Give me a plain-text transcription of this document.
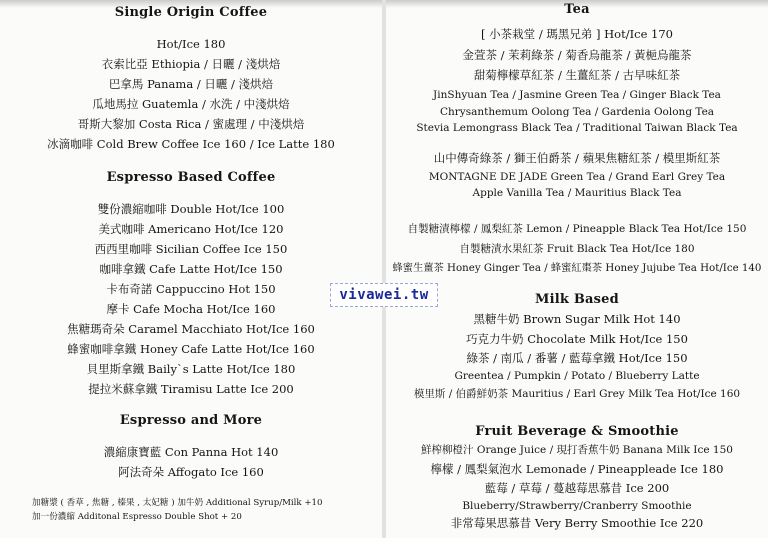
Single Origin Coffee
Hot/Ice 180
衣索比亞 Ethiopia / 日曬 / 淺烘焙
巴拿馬 Panama / 日曬 / 淺烘焙
瓜地馬拉 Guatemla / 水洗 / 中淺烘焙
哥斯大黎加 Costa Rica / 蜜處理 / 中淺烘焙
冰滴咖啡 Cold Brew Coffee Ice 160 / Ice Latte 180
Espresso Based Coffee
雙份濃縮咖啡 Double Hot/Ice 100
美式咖啡 Americano Hot/Ice 120
西西里咖啡 Sicilian Coffee Ice 150
咖啡拿鐵 Cafe Latte Hot/Ice 150
卡布奇諾 Cappuccino Hot 150
摩卡 Cafe Mocha Hot/Ice 160
焦糖瑪奇朵 Caramel Macchiato Hot/Ice 160
蜂蜜咖啡拿鐵 Honey Cafe Latte Hot/Ice 160
貝里斯拿鐵 Baily`s Latte Hot/Ice 180
提拉米蘇拿鐵 Tiramisu Latte Ice 200
Espresso and More
濃縮康寶藍 Con Panna Hot 140
阿法奇朵 Affogato Ice 160
加糖漿 ( 香草 , 焦糖 , 榛果 , 太妃糖 ) 加牛奶 Additional Syrup/Milk +10
加一份濃縮 Additonal Espresso Double Shot + 20
Tea
[ 小茶栽堂 / 瑪黑兄弟 ] Hot/Ice 170
金萱茶 / 茉莉綠茶 / 菊香烏龍茶 / 黃梔烏龍茶
甜菊檸檬草紅茶 / 生薑紅茶 / 古早味紅茶
JinShyuan Tea / Jasmine Green Tea / Ginger Black Tea
Chrysanthemum Oolong Tea / Gardenia Oolong Tea
Stevia Lemongrass Black Tea / Traditional Taiwan Black Tea
山中傳奇綠茶 / 獅王伯爵茶 / 蘋果焦糖紅茶 / 模里斯紅茶
MONTAGNE DE JADE Green Tea / Grand Earl Grey Tea
Apple Vanilla Tea / Mauritius Black Tea
自製糖漬檸檬 / 鳳梨紅茶 Lemon / Pineapple Black Tea Hot/Ice 150
自製糖漬水果紅茶 Fruit Black Tea Hot/Ice 180
蜂蜜生薑茶 Honey Ginger Tea / 蜂蜜紅棗茶 Honey Jujube Tea Hot/Ice 140
Milk Based
黑糖牛奶 Brown Sugar Milk Hot 140
巧克力牛奶 Chocolate Milk Hot/Ice 150
綠茶 / 南瓜 / 番薯 / 藍莓拿鐵 Hot/Ice 150
Greentea / Pumpkin / Potato / Blueberry Latte
模里斯 / 伯爵鮮奶茶 Mauritius / Earl Grey Milk Tea Hot/Ice 160
Fruit Beverage & Smoothie
鮮榨柳橙汁 Orange Juice / 現打香蕉牛奶 Banana Milk Ice 150
檸檬 / 鳳梨氣泡水 Lemonade / Pineappleade Ice 180
藍莓 / 草莓 / 蔓越莓思慕昔 Ice 200
Blueberry/Strawberry/Cranberry Smoothie
非常莓果思慕昔 Very Berry Smoothie Ice 220
vivawei.tw
